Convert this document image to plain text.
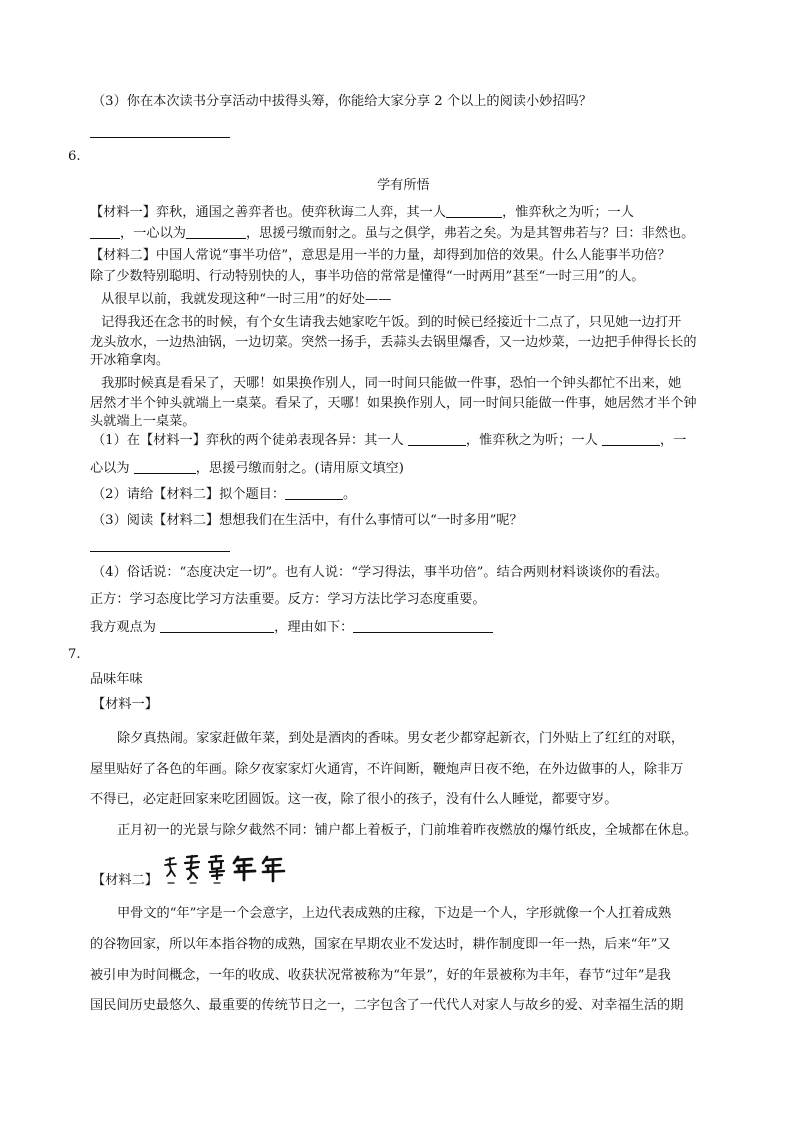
（3）你在本次读书分享活动中拔得头筹，你能给大家分享 2 个以上的阅读小妙招吗？
6.
学有所悟
【材料一】弈秋，通国之善弈者也。使弈秋诲二人弈，其一人	，惟弈秋之为听；一人
，一心以为	，思援弓缴而射之。虽与之俱学，弗若之矣。为是其智弗若与？曰：非然也。
【材料二】中国人常说“事半功倍”，意思是用一半的力量，却得到加倍的效果。什么人能事半功倍？
除了少数特别聪明、行动特别快的人，事半功倍的常常是懂得“一时两用”甚至“一时三用”的人。
从很早以前，我就发现这种“一时三用”的好处——
记得我还在念书的时候，有个女生请我去她家吃午饭。到的时候已经接近十二点了，只见她一边打开
龙头放水，一边热油锅，一边切菜。突然一扬手，丢蒜头去锅里爆香，又一边炒菜，一边把手伸得长长的
开冰箱拿肉。
我那时候真是看呆了，天哪！如果换作别人，同一时间只能做一件事，恐怕一个钟头都忙不出来，她
居然才半个钟头就端上一桌菜。看呆了，天哪！如果换作别人，同一时间只能做一件事，她居然才半个钟
头就端上一桌菜。
（1）在【材料一】弈秋的两个徒弟表现各异：其一人	，惟弈秋之为听；一人	，一
心以为	，思援弓缴而射之。(请用原文填空)
（2）请给【材料二】拟个题目：	。
（3）阅读【材料二】想想我们在生活中，有什么事情可以“一时多用”呢？
（4）俗话说：“态度决定一切”。也有人说：“学习得法，事半功倍”。结合两则材料谈谈你的看法。
正方：学习态度比学习方法重要。反方：学习方法比学习态度重要。
我方观点为	，理由如下：
7.
品味年味
【材料一】
除夕真热闹。家家赶做年菜，到处是酒肉的香味。男女老少都穿起新衣，门外贴上了红红的对联，
屋里贴好了各色的年画。除夕夜家家灯火通宵，不许间断，鞭炮声日夜不绝，在外边做事的人，除非万
不得已，必定赶回家来吃团圆饭。这一夜，除了很小的孩子，没有什么人睡觉，都要守岁。
正月初一的光景与除夕截然不同：铺户都上着板子，门前堆着昨夜燃放的爆竹纸皮，全城都在休息。
【材料二】
甲骨文的“年”字是一个会意字，上边代表成熟的庄稼，下边是一个人，字形就像一个人扛着成熟
的谷物回家，所以年本指谷物的成熟，国家在早期农业不发达时，耕作制度即一年一热，后来“年”又
被引申为时间概念，一年的收成、收获状况常被称为“年景”，好的年景被称为丰年，春节“过年”是我
国民间历史最悠久、最重要的传统节日之一，二字包含了一代代人对家人与故乡的爱、对幸福生活的期
